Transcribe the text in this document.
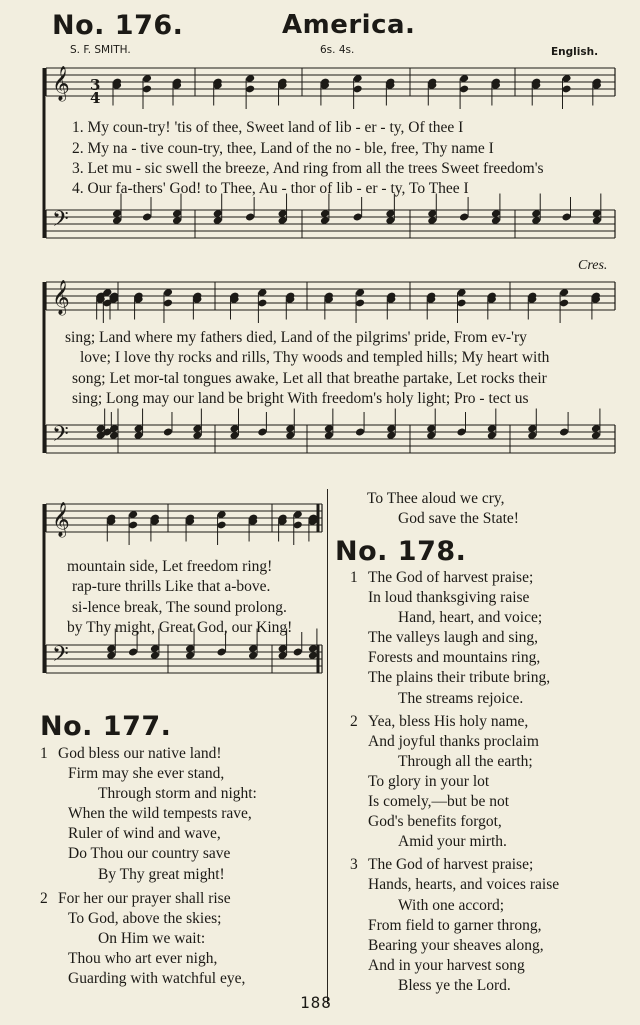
No. 176.	America.
S. F. SMITH.	6s. 4s.	English.
𝄞
𝄢
𝄞
𝄢
𝄞
𝄢
3
4
1. My coun-try! 'tis of thee, Sweet land of lib - er - ty, Of thee I
2. My na - tive coun-try, thee, Land of the no - ble, free, Thy name I
3. Let mu - sic swell the breeze, And ring from all the trees Sweet freedom's
4. Our fa-thers' God! to Thee, Au - thor of lib - er - ty, To Thee I
Cres.
sing; Land where my fathers died, Land of the pilgrims' pride, From ev-'ry
love; I love thy rocks and rills, Thy woods and templed hills; My heart with
song; Let mor-tal tongues awake, Let all that breathe partake, Let rocks their
sing; Long may our land be bright With freedom's holy light; Pro - tect us
mountain side, Let freedom ring!
rap-ture thrills Like that a-bove.
si-lence break, The sound prolong.
by Thy might, Great God, our King!
To Thee aloud we cry,
God save the State!
No. 177.
1 God bless our native land!
Firm may she ever stand,
Through storm and night:
When the wild tempests rave,
Ruler of wind and wave,
Do Thou our country save
By Thy great might!
2 For her our prayer shall rise
To God, above the skies;
On Him we wait:
Thou who art ever nigh,
Guarding with watchful eye,
No. 178.
1 The God of harvest praise;
In loud thanksgiving raise
Hand, heart, and voice;
The valleys laugh and sing,
Forests and mountains ring,
The plains their tribute bring,
The streams rejoice.
2 Yea, bless His holy name,
And joyful thanks proclaim
Through all the earth;
To glory in your lot
Is comely,—but be not
God's benefits forgot,
Amid your mirth.
3 The God of harvest praise;
Hands, hearts, and voices raise
With one accord;
From field to garner throng,
Bearing your sheaves along,
And in your harvest song
Bless ye the Lord.
188
